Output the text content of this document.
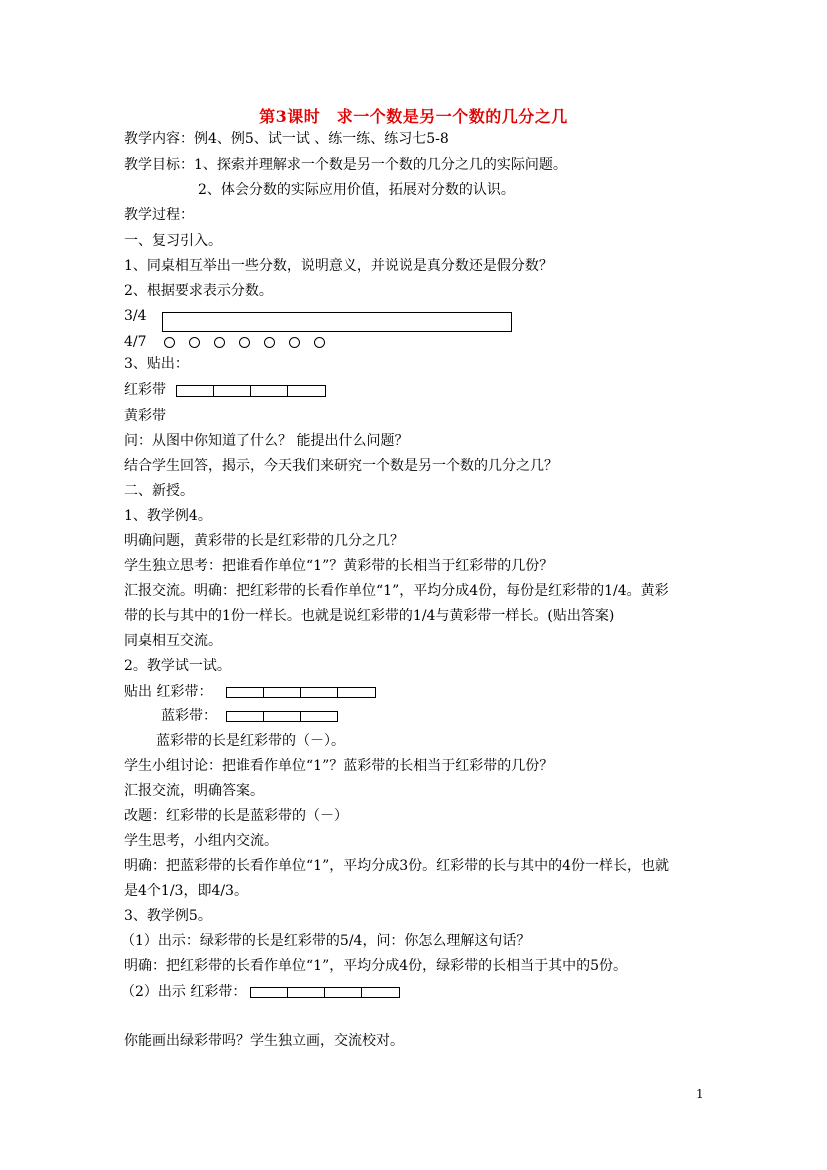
第3课时　求一个数是另一个数的几分之几
教学内容：例4、例5、试一试 、练一练、练习七5-8
教学目标：1、探索并理解求一个数是另一个数的几分之几的实际问题。
2、体会分数的实际应用价值，拓展对分数的认识。
教学过程：
一、复习引入。
1、同桌相互举出一些分数，说明意义，并说说是真分数还是假分数？
2、根据要求表示分数。
3/4
4/7
3、贴出：
红彩带
黄彩带
问：从图中你知道了什么？ 能提出什么问题？
结合学生回答，揭示，今天我们来研究一个数是另一个数的几分之几？
二、新授。
1、教学例4。
明确问题，黄彩带的长是红彩带的几分之几？
学生独立思考：把谁看作单位“1”？黄彩带的长相当于红彩带的几份？
汇报交流。明确：把红彩带的长看作单位“1”，平均分成4份，每份是红彩带的1/4。黄彩
带的长与其中的1份一样长。也就是说红彩带的1/4与黄彩带一样长。(贴出答案)
同桌相互交流。
2。教学试一试。
贴出 红彩带：
蓝彩带：
蓝彩带的长是红彩带的（－）。
学生小组讨论：把谁看作单位“1”？蓝彩带的长相当于红彩带的几份？
汇报交流，明确答案。
改题：红彩带的长是蓝彩带的（－）
学生思考，小组内交流。
明确：把蓝彩带的长看作单位“1”，平均分成3份。红彩带的长与其中的4份一样长，也就
是4个1/3，即4/3。
3、教学例5。
（1）出示：绿彩带的长是红彩带的5/4，问：你怎么理解这句话？
明确：把红彩带的长看作单位“1”，平均分成4份，绿彩带的长相当于其中的5份。
（2）出示 红彩带：
你能画出绿彩带吗？学生独立画，交流校对。
1
